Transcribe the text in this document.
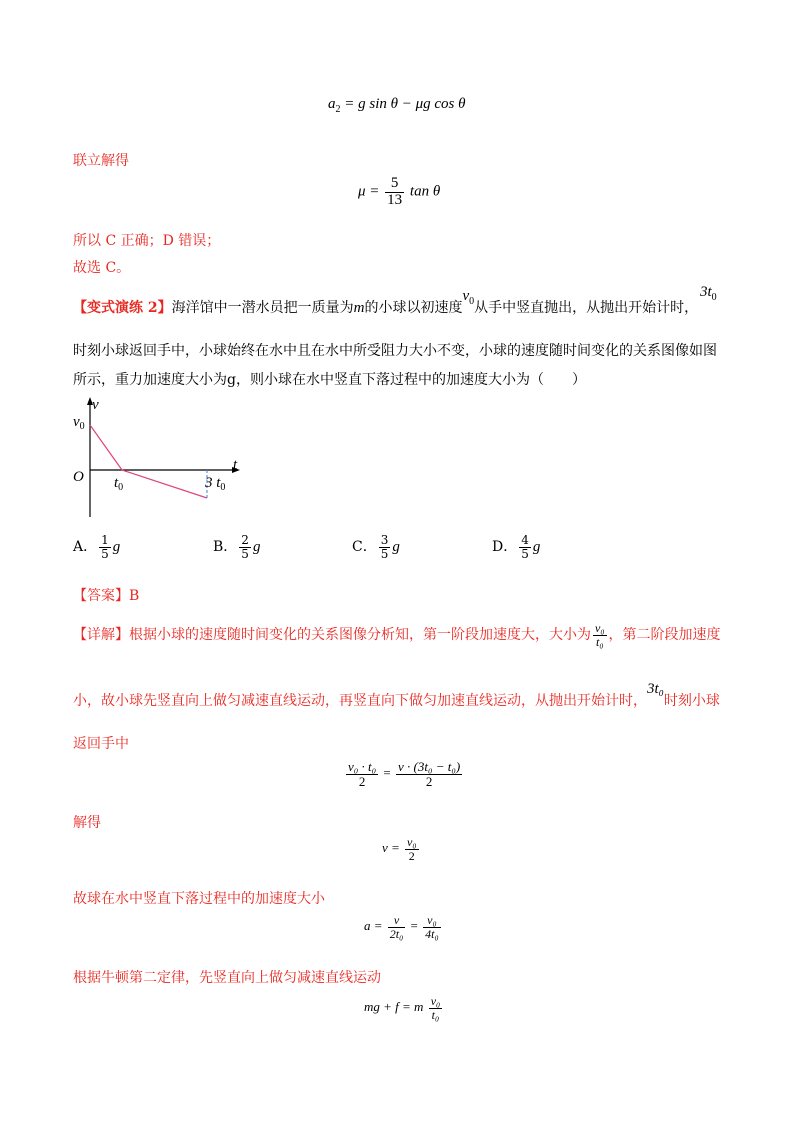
$a_2 = g$ sin θ − μg cos θ
联立解得
$\mu = \frac{5}{13}$ tan θ
所以 C 正确；D 错误；
故选 C。
【变式演练 2】海洋馆中一潜水员把一质量为m的小球以初速度$v_0$从手中竖直抛出，从抛出开始计时，
$3t_0$
时刻小球返回手中，小球始终在水中且在水中所受阻力大小不变，小球的速度随时间变化的关系图像如图
所示，重力加速度大小为g，则小球在水中竖直下落过程中的加速度大小为（　　）
v
t
$v_0$
O $t_0$	3 $t_0$
A． $\frac{1}{5}$ g	B． $\frac{2}{5}$ g	C． $\frac{3}{5}$ g	D． $\frac{4}{5}$ g
【答案】B
【详解】根据小球的速度随时间变化的关系图像分析知，第一阶段加速度大，大小为 $\frac{\text{v₀}}{\text{t₀}}$ ，第二阶段加速度
小，故小球先竖直向上做匀减速直线运动，再竖直向下做匀加速直线运动，从抛出开始计时，3t₀时刻小球
返回手中
$\frac{\text{v₀ · t₀}}{2} = \frac{\text{v · (3t₀ − t₀)}}{2}$
解得
$v = \frac{\text{v₀}}{2}$
故球在水中竖直下落过程中的加速度大小
$a = \frac{v}{\text{2t₀}} = \frac{\text{v₀}}{\text{4t₀}}$
根据牛顿第二定律，先竖直向上做匀减速直线运动
mg + f = m $\frac{\text{v₀}}{\text{t₀}}$
